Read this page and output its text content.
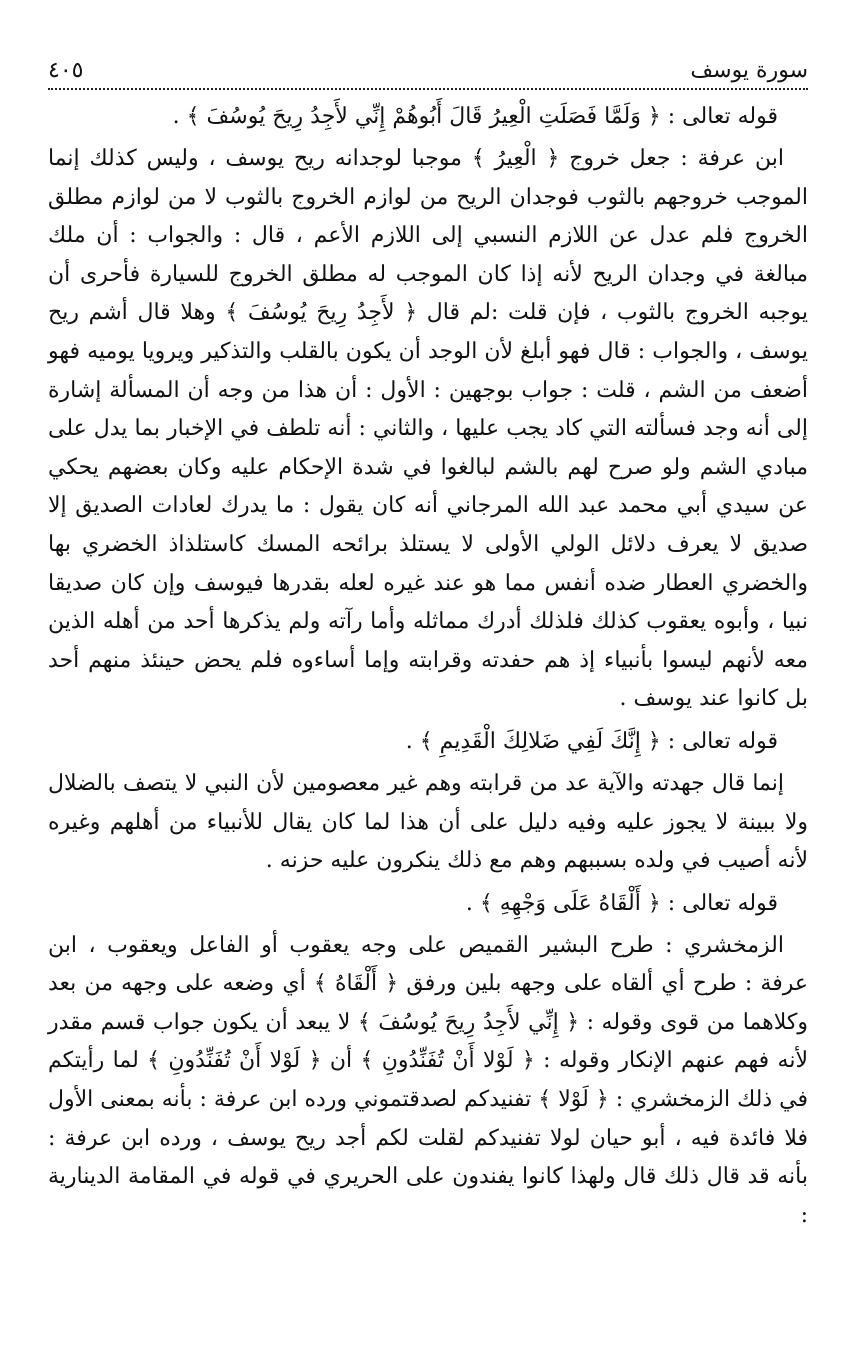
سورة يوسف
٤٠٥

قوله تعالى : ﴿ وَلَمَّا فَصَلَتِ الْعِيرُ قَالَ أَبُوهُمْ إِنِّي لأَجِدُ رِيحَ يُوسُفَ ﴾ .

ابن عرفة : جعل خروج ﴿ الْعِيرُ ﴾ موجبا لوجدانه ريح يوسف ، وليس كذلك إنما الموجب خروجهم بالثوب فوجدان الريح من لوازم الخروج بالثوب لا من لوازم مطلق الخروج فلم عدل عن اللازم النسبي إلى اللازم الأعم ، قال : والجواب : أن ملك مبالغة في وجدان الريح لأنه إذا كان الموجب له مطلق الخروج للسيارة فأحرى أن يوجبه الخروج بالثوب ، فإن قلت :لم قال ﴿ لأَجِدُ رِيحَ يُوسُفَ ﴾ وهلا قال أشم ريح يوسف ، والجواب : قال فهو أبلغ لأن الوجد أن يكون بالقلب والتذكير ويرويا يوميه فهو أضعف من الشم ، قلت : جواب بوجهين : الأول : أن هذا من وجه أن المسألة إشارة إلى أنه وجد فسألته التي كاد يجب عليها ، والثاني : أنه تلطف في الإخبار بما يدل على مبادي الشم ولو صرح لهم بالشم لبالغوا في شدة الإحكام عليه وكان بعضهم يحكي عن سيدي أبي محمد عبد الله المرجاني أنه كان يقول : ما يدرك لعادات الصديق إلا صديق لا يعرف دلائل الولي الأولى لا يستلذ برائحه المسك كاستلذاذ الخضري بها والخضري العطار ضده أنفس مما هو عند غيره لعله بقدرها فيوسف وإن كان صديقا نبيا ، وأبوه يعقوب كذلك فلذلك أدرك مماثله وأما رآته ولم يذكرها أحد من أهله الذين معه لأنهم ليسوا بأنبياء إذ هم حفدته وقرابته وإما أساءوه فلم يحض حينئذ منهم أحد بل كانوا عند يوسف .

قوله تعالى : ﴿ إِنَّكَ لَفِي ضَلالِكَ الْقَدِيمِ ﴾ .

إنما قال جهدته والآية عد من قرابته وهم غير معصومين لأن النبي لا يتصف بالضلال ولا ببينة لا يجوز عليه وفيه دليل على أن هذا لما كان يقال للأنبياء من أهلهم وغيره لأنه أصيب في ولده بسببهم وهم مع ذلك ينكرون عليه حزنه .

قوله تعالى : ﴿ أَلْقَاهُ عَلَى وَجْهِهِ ﴾ .

الزمخشري : طرح البشير القميص على وجه يعقوب أو الفاعل ويعقوب ، ابن عرفة : طرح أي ألقاه على وجهه بلين ورفق ﴿ أَلْقَاهُ ﴾ أي وضعه على وجهه من بعد وكلاهما من قوى وقوله : ﴿ إِنِّي لأَجِدُ رِيحَ يُوسُفَ ﴾ لا يبعد أن يكون جواب قسم مقدر لأنه فهم عنهم الإنكار وقوله : ﴿ لَوْلا أَنْ تُفَنِّدُونِ ﴾ أن ﴿ لَوْلا أَنْ تُفَنِّدُونِ ﴾ لما رأيتكم في ذلك الزمخشري : ﴿ لَوْلا ﴾ تفنيدكم لصدقتموني ورده ابن عرفة : بأنه بمعنى الأول فلا فائدة فيه ، أبو حيان لولا تفنيدكم لقلت لكم أجد ريح يوسف ، ورده ابن عرفة : بأنه قد قال ذلك قال ولهذا كانوا يفندون على الحريري في قوله في المقامة الدينارية :
